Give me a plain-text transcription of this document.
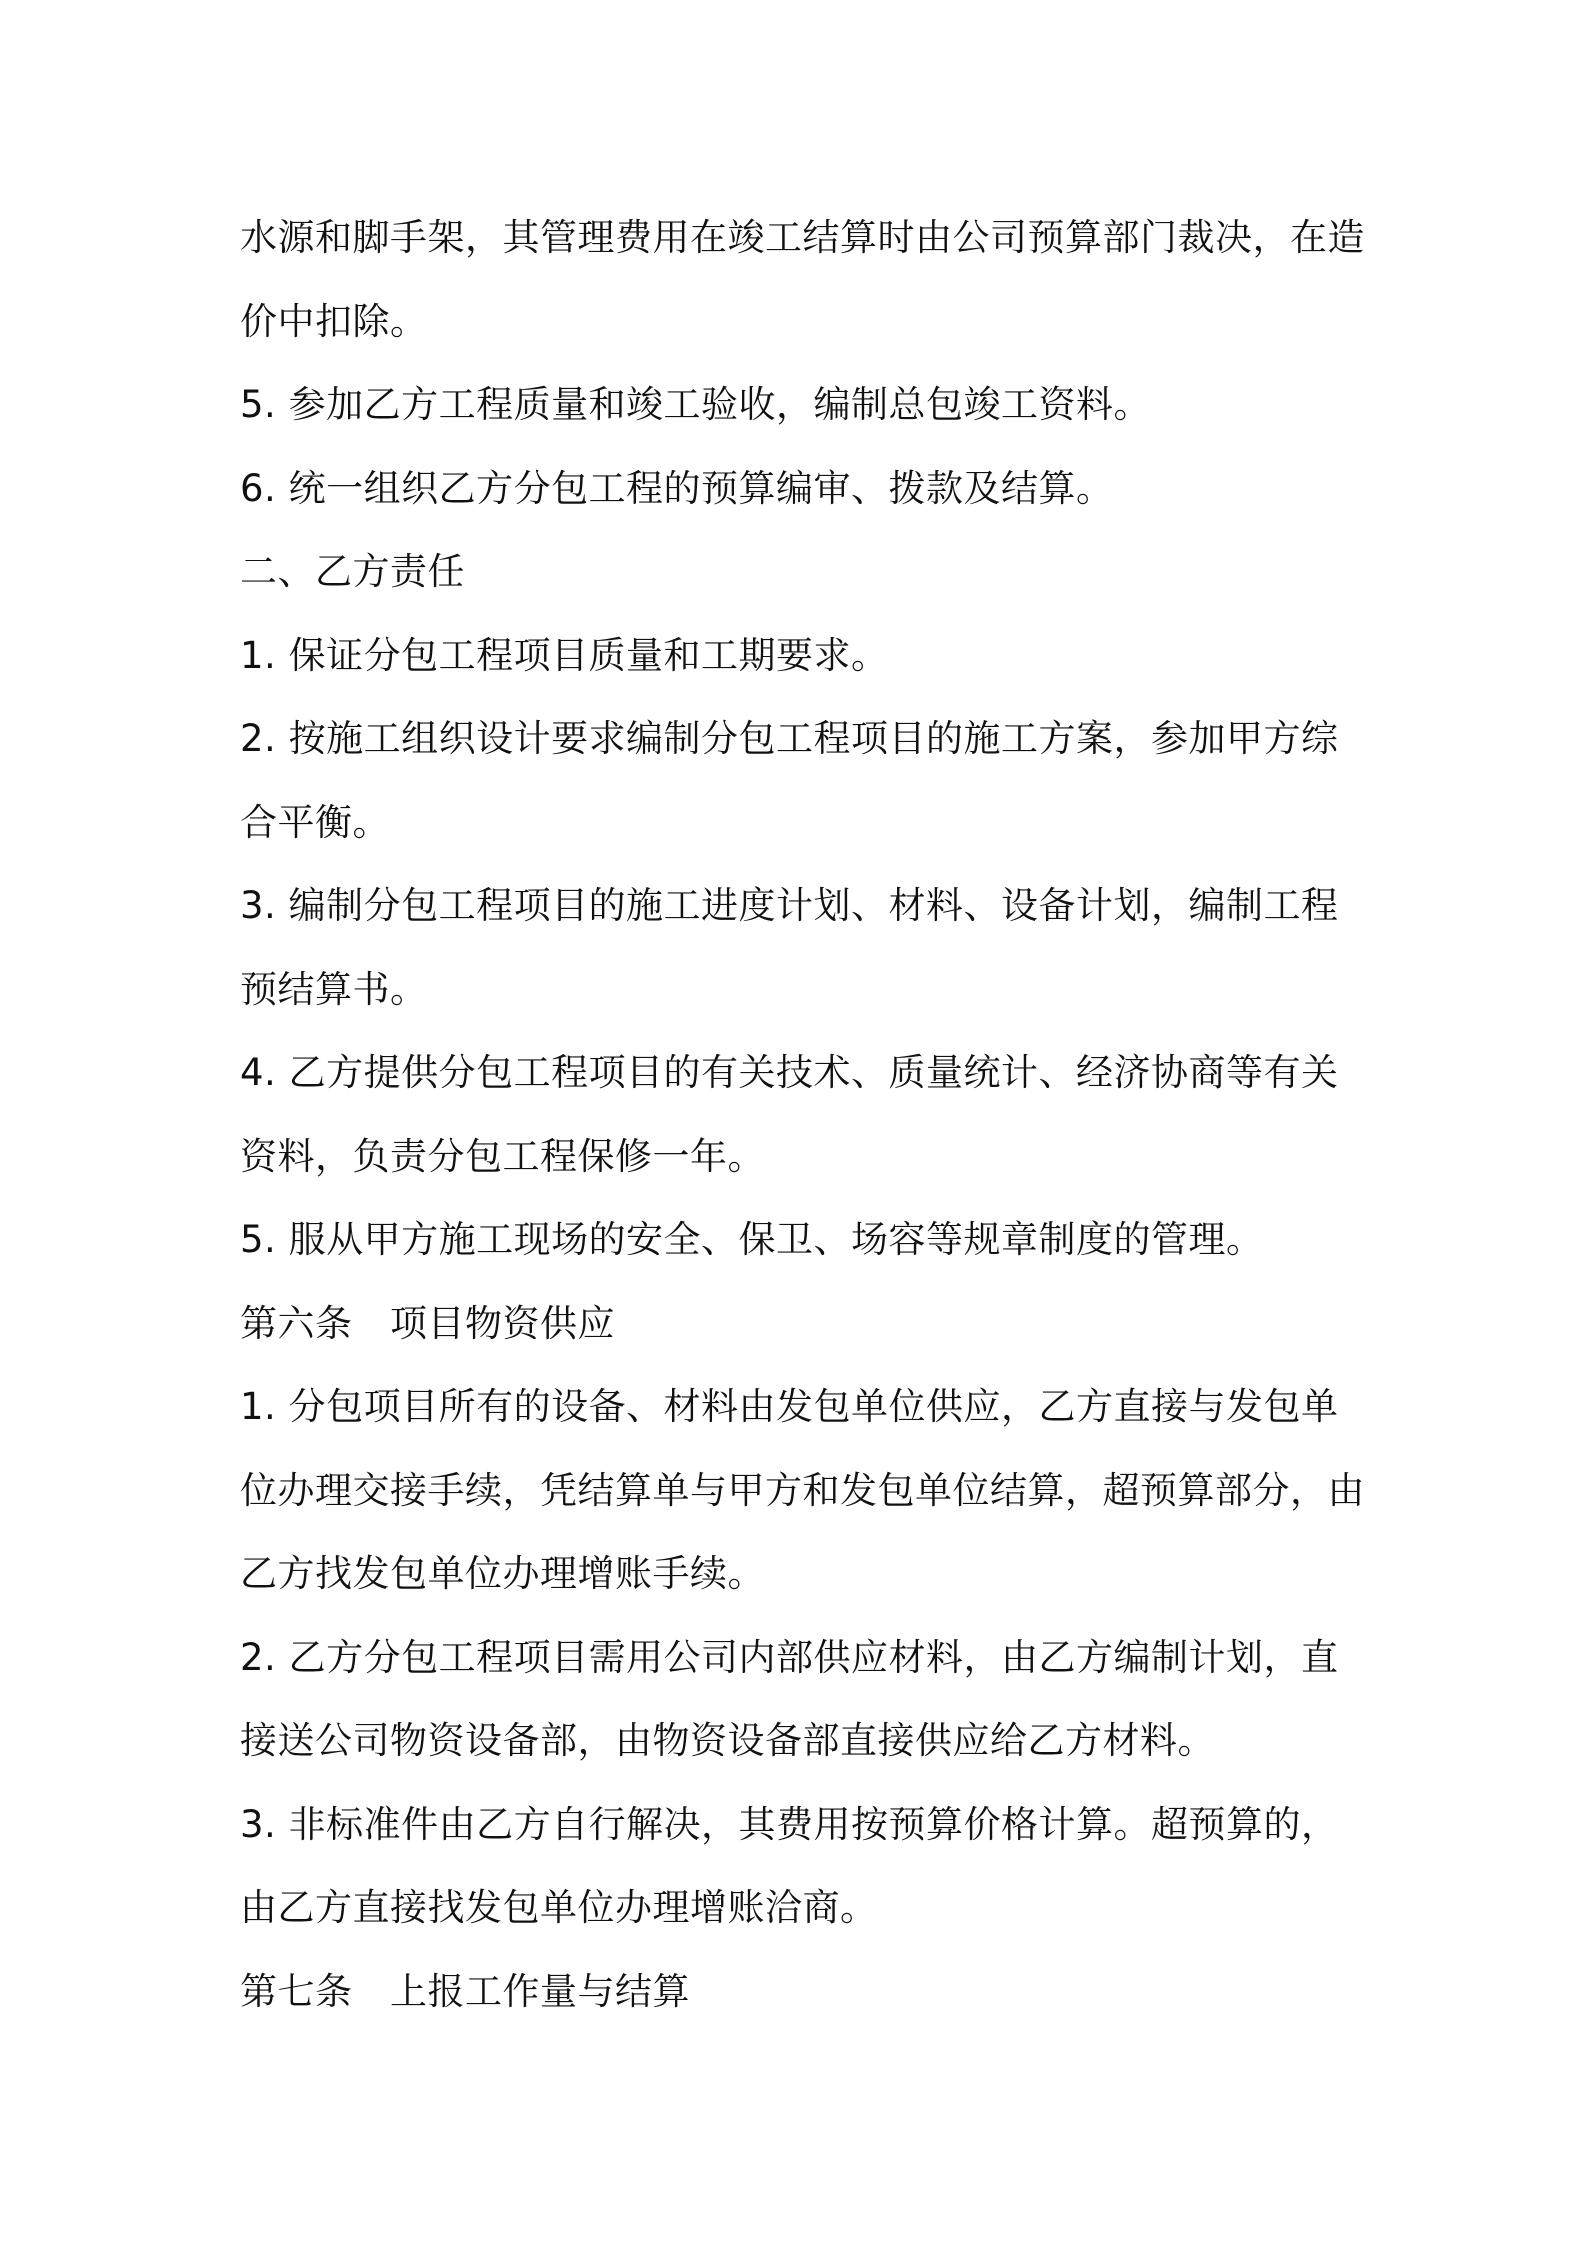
水源和脚手架，其管理费用在竣工结算时由公司预算部门裁决，在造
价中扣除。
5. 参加乙方工程质量和竣工验收，编制总包竣工资料。
6. 统一组织乙方分包工程的预算编审、拨款及结算。
二、乙方责任
1. 保证分包工程项目质量和工期要求。
2. 按施工组织设计要求编制分包工程项目的施工方案，参加甲方综
合平衡。
3. 编制分包工程项目的施工进度计划、材料、设备计划，编制工程
预结算书。
4. 乙方提供分包工程项目的有关技术、质量统计、经济协商等有关
资料，负责分包工程保修一年。
5. 服从甲方施工现场的安全、保卫、场容等规章制度的管理。
第六条　项目物资供应
1. 分包项目所有的设备、材料由发包单位供应，乙方直接与发包单
位办理交接手续，凭结算单与甲方和发包单位结算，超预算部分，由
乙方找发包单位办理增账手续。
2. 乙方分包工程项目需用公司内部供应材料，由乙方编制计划，直
接送公司物资设备部，由物资设备部直接供应给乙方材料。
3. 非标准件由乙方自行解决，其费用按预算价格计算。超预算的，
由乙方直接找发包单位办理增账洽商。
第七条　上报工作量与结算
